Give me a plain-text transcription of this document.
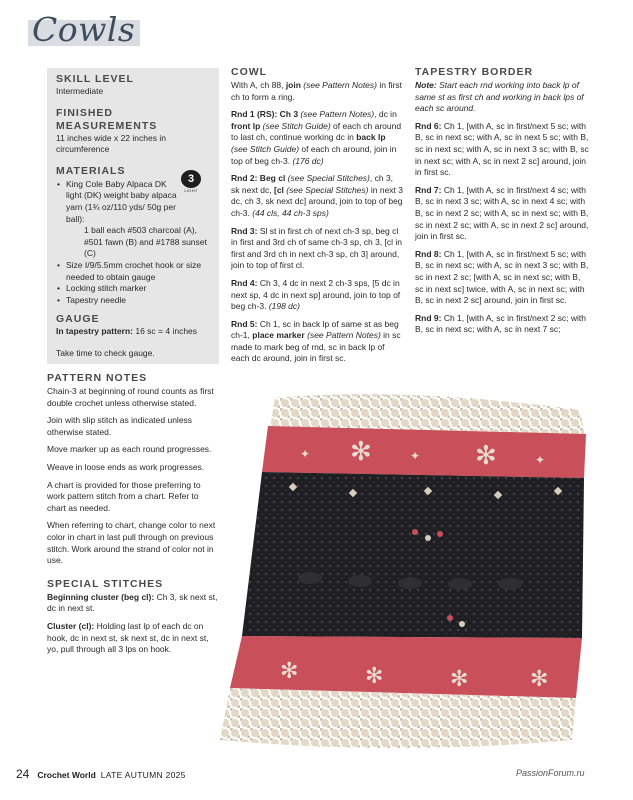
Cowls

SKILL LEVEL

Intermediate

FINISHED MEASUREMENTS

11 inches wide x 22 inches in circumference

MATERIALS

• King Cole Baby Alpaca DK light (DK) weight baby alpaca yarn (1¾ oz/110 yds/ 50g per ball):
1 ball each #503 charcoal (A), #501 fawn (B) and #1788 sunset (C)
• Size I/9/5.5mm crochet hook or size needed to obtain gauge
• Locking stitch marker
• Tapestry needle

GAUGE

In tapestry pattern: 16 sc = 4 inches

Take time to check gauge.

3
LIGHT

PATTERN NOTES

Chain-3 at beginning of round counts as first double crochet unless otherwise stated.

Join with slip stitch as indicated unless otherwise stated.

Move marker up as each round progresses.

Weave in loose ends as work progresses.

A chart is provided for those preferring to work pattern stitch from a chart. Refer to chart as needed.

When referring to chart, change color to next color in chart in last pull through on previous stitch. Work around the strand of color not in use.

SPECIAL STITCHES

Beginning cluster (beg cl): Ch 3, sk next st, dc in next st.

Cluster (cl): Holding last lp of each dc on hook, dc in next st, sk next st, dc in next st, yo, pull through all 3 lps on hook.

COWL

With A, ch 88, join (see Pattern Notes) in first ch to form a ring.

Rnd 1 (RS): Ch 3 (see Pattern Notes), dc in front lp (see Stitch Guide) of each ch around to last ch, continue working dc in back lp (see Stitch Guide) of each ch around, join in top of beg ch-3. (176 dc)

Rnd 2: Beg cl (see Special Stitches), ch 3, sk next dc, [cl (see Special Stitches) in next 3 dc, ch 3, sk next dc] around, join to top of beg ch-3. (44 cls, 44 ch-3 sps)

Rnd 3: Sl st in first ch of next ch-3 sp, beg cl in first and 3rd ch of same ch-3 sp, ch 3, [cl in first and 3rd ch in next ch-3 sp, ch 3] around, join to top of first cl.

Rnd 4: Ch 3, 4 dc in next 2 ch-3 sps, [5 dc in next sp, 4 dc in next sp] around, join to top of beg ch-3. (198 dc)

Rnd 5: Ch 1, sc in back lp of same st as beg ch-1, place marker (see Pattern Notes) in sc made to mark beg of rnd, sc in back lp of each dc around, join in first sc.

TAPESTRY BORDER

Note: Start each rnd working into back lp of same st as first ch and working in back lps of each sc around.

Rnd 6: Ch 1, [with A, sc in first/next 5 sc; with B, sc in next sc; with A, sc in next 5 sc; with B, sc in next sc; with A, sc in next 3 sc; with B, sc in next sc; with A, sc in next 2 sc] around, join in first sc.

Rnd 7: Ch 1, [with A, sc in first/next 4 sc; with B, sc in next 3 sc; with A, sc in next 4 sc; with B, sc in next 2 sc; with A, sc in next sc; with B, sc in next 2 sc; with A, sc in next 2 sc] around, join in first sc.

Rnd 8: Ch 1, [with A, sc in first/next 5 sc; with B, sc in next sc; with A, sc in next 3 sc; with B, sc in next 2 sc; [with A, sc in next sc; with B, sc in next sc] twice, with A, sc in next sc; with B, sc in next 2 sc] around, join in first sc.

Rnd 9: Ch 1, [with A, sc in first/next 2 sc; with B, sc in next sc; with A, sc in next 7 sc;

✻	✻
✦	✦	✦
✻	✻	✻	✻
24 Crochet World LATE AUTUMN 2025	PassionForum.ru
